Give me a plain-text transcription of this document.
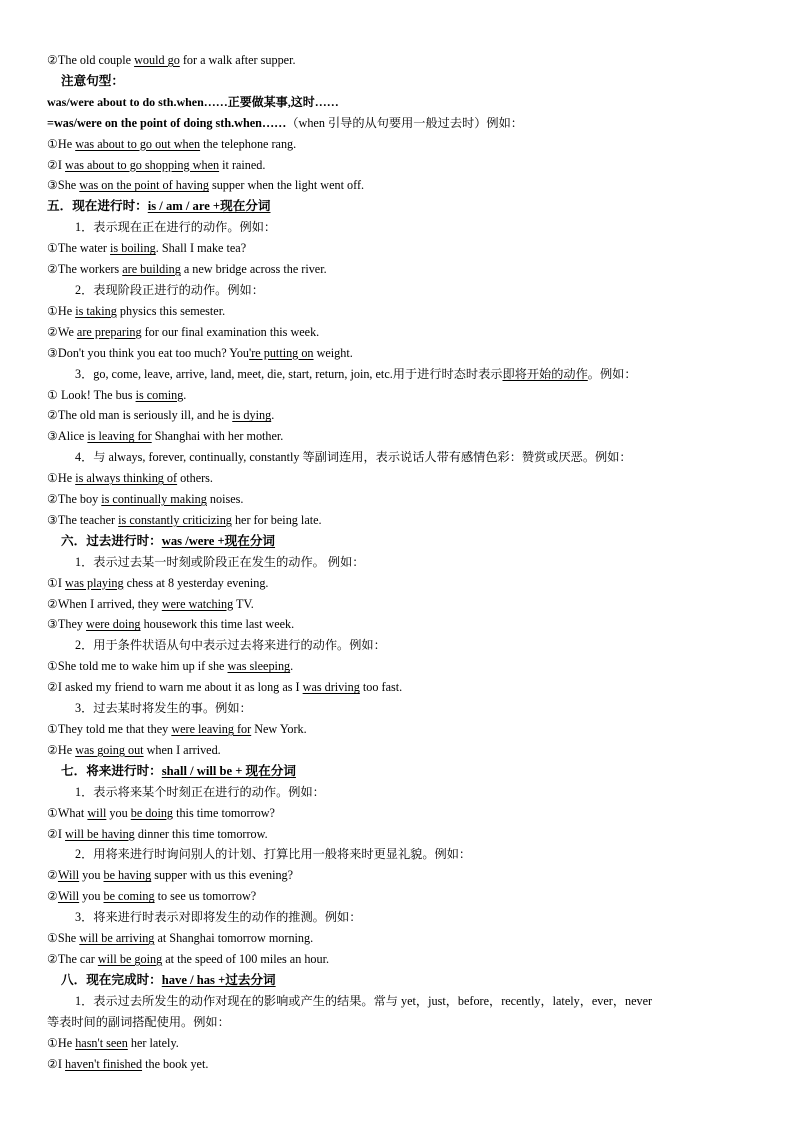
②The old couple would go for a walk after supper.
注意句型：
was/were about to do sth.when……正要做某事,这时……
=was/were on the point of doing sth.when……（when 引导的从句要用一般过去时）例如：
①He was about to go out when the telephone rang.
②I was about to go shopping when it rained.
③She was on the point of having supper when the light went off.
五．现在进行时：is / am / are +现在分词
1．表示现在正在进行的动作。例如：
①The water is boiling. Shall I make tea?
②The workers are building a new bridge across the river.
2．表现阶段正进行的动作。例如：
①He is taking physics this semester.
②We are preparing for our final examination this week.
③Don't you think you eat too much? You're putting on weight.
3．go, come, leave, arrive, land, meet, die, start, return, join, etc.用于进行时态时表示即将开始的动作。例如：
① Look! The bus is coming.
②The old man is seriously ill, and he is dying.
③Alice is leaving for Shanghai with her mother.
4．与 always, forever, continually, constantly 等副词连用，表示说话人带有感情色彩：赞赏或厌恶。例如：
①He is always thinking of others.
②The boy is continually making noises.
③The teacher is constantly criticizing her for being late.
六．过去进行时：was /were +现在分词
1．表示过去某一时刻或阶段正在发生的动作。 例如：
①I was playing chess at 8 yesterday evening.
②When I arrived, they were watching TV.
③They were doing housework this time last week.
2．用于条件状语从句中表示过去将来进行的动作。例如：
①She told me to wake him up if she was sleeping.
②I asked my friend to warn me about it as long as I was driving too fast.
3．过去某时将发生的事。例如：
①They told me that they were leaving for New York.
②He was going out when I arrived.
七．将来进行时：shall / will be + 现在分词
1．表示将来某个时刻正在进行的动作。例如：
①What will you be doing this time tomorrow?
②I will be having dinner this time tomorrow.
2．用将来进行时询问别人的计划、打算比用一般将来时更显礼貌。例如：
②Will you be having supper with us this evening?
②Will you be coming to see us tomorrow?
3．将来进行时表示对即将发生的动作的推测。例如：
①She will be arriving at Shanghai tomorrow morning.
②The car will be going at the speed of 100 miles an hour.
八．现在完成时：have / has +过去分词
1．表示过去所发生的动作对现在的影响或产生的结果。常与 yet，just，before，recently，lately，ever，never
等表时间的副词搭配使用。例如：
①He hasn't seen her lately.
②I haven't finished the book yet.
